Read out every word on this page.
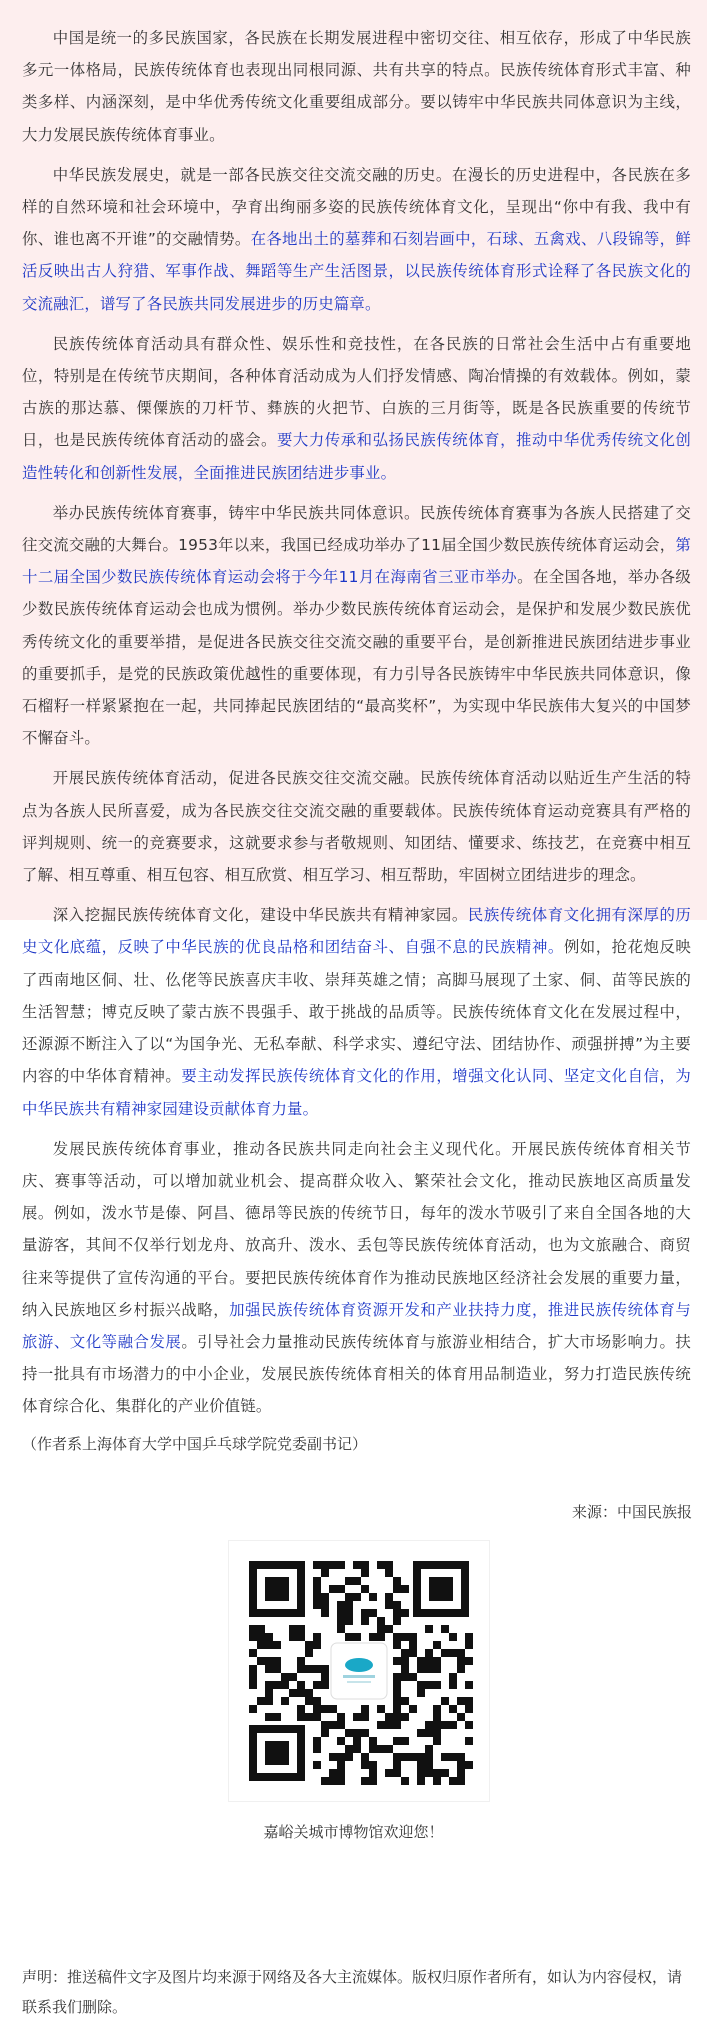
中国是统一的多民族国家，各民族在长期发展进程中密切交往、相互依存，形成了中华民族多元一体格局，民族传统体育也表现出同根同源、共有共享的特点。民族传统体育形式丰富、种类多样、内涵深刻，是中华优秀传统文化重要组成部分。要以铸牢中华民族共同体意识为主线，大力发展民族传统体育事业。

中华民族发展史，就是一部各民族交往交流交融的历史。在漫长的历史进程中，各民族在多样的自然环境和社会环境中，孕育出绚丽多姿的民族传统体育文化，呈现出“你中有我、我中有你、谁也离不开谁”的交融情势。在各地出土的墓葬和石刻岩画中，石球、五禽戏、八段锦等，鲜活反映出古人狩猎、军事作战、舞蹈等生产生活图景，以民族传统体育形式诠释了各民族文化的交流融汇，谱写了各民族共同发展进步的历史篇章。

民族传统体育活动具有群众性、娱乐性和竞技性，在各民族的日常社会生活中占有重要地位，特别是在传统节庆期间，各种体育活动成为人们抒发情感、陶冶情操的有效载体。例如，蒙古族的那达慕、傈僳族的刀杆节、彝族的火把节、白族的三月街等，既是各民族重要的传统节日，也是民族传统体育活动的盛会。要大力传承和弘扬民族传统体育，推动中华优秀传统文化创造性转化和创新性发展，全面推进民族团结进步事业。

举办民族传统体育赛事，铸牢中华民族共同体意识。民族传统体育赛事为各族人民搭建了交往交流交融的大舞台。1953年以来，我国已经成功举办了11届全国少数民族传统体育运动会，第十二届全国少数民族传统体育运动会将于今年11月在海南省三亚市举办。在全国各地，举办各级少数民族传统体育运动会也成为惯例。举办少数民族传统体育运动会，是保护和发展少数民族优秀传统文化的重要举措，是促进各民族交往交流交融的重要平台，是创新推进民族团结进步事业的重要抓手，是党的民族政策优越性的重要体现，有力引导各民族铸牢中华民族共同体意识，像石榴籽一样紧紧抱在一起，共同捧起民族团结的“最高奖杯”，为实现中华民族伟大复兴的中国梦不懈奋斗。

开展民族传统体育活动，促进各民族交往交流交融。民族传统体育活动以贴近生产生活的特点为各族人民所喜爱，成为各民族交往交流交融的重要载体。民族传统体育运动竞赛具有严格的评判规则、统一的竞赛要求，这就要求参与者敬规则、知团结、懂要求、练技艺，在竞赛中相互了解、相互尊重、相互包容、相互欣赏、相互学习、相互帮助，牢固树立团结进步的理念。

深入挖掘民族传统体育文化，建设中华民族共有精神家园。民族传统体育文化拥有深厚的历史文化底蕴，反映了中华民族的优良品格和团结奋斗、自强不息的民族精神。例如，抢花炮反映了西南地区侗、壮、仫佬等民族喜庆丰收、崇拜英雄之情；高脚马展现了土家、侗、苗等民族的生活智慧；博克反映了蒙古族不畏强手、敢于挑战的品质等。民族传统体育文化在发展过程中，还源源不断注入了以“为国争光、无私奉献、科学求实、遵纪守法、团结协作、顽强拼搏”为主要内容的中华体育精神。要主动发挥民族传统体育文化的作用，增强文化认同、坚定文化自信，为中华民族共有精神家园建设贡献体育力量。

发展民族传统体育事业，推动各民族共同走向社会主义现代化。开展民族传统体育相关节庆、赛事等活动，可以增加就业机会、提高群众收入、繁荣社会文化，推动民族地区高质量发展。例如，泼水节是傣、阿昌、德昂等民族的传统节日，每年的泼水节吸引了来自全国各地的大量游客，其间不仅举行划龙舟、放高升、泼水、丢包等民族传统体育活动，也为文旅融合、商贸往来等提供了宣传沟通的平台。要把民族传统体育作为推动民族地区经济社会发展的重要力量，纳入民族地区乡村振兴战略，加强民族传统体育资源开发和产业扶持力度，推进民族传统体育与旅游、文化等融合发展。引导社会力量推动民族传统体育与旅游业相结合，扩大市场影响力。扶持一批具有市场潜力的中小企业，发展民族传统体育相关的体育用品制造业，努力打造民族传统体育综合化、集群化的产业价值链。

（作者系上海体育大学中国乒乓球学院党委副书记）
来源：中国民族报
嘉峪关城市博物馆欢迎您！

声明：推送稿件文字及图片均来源于网络及各大主流媒体。版权归原作者所有，如认为内容侵权，请联系我们删除。
